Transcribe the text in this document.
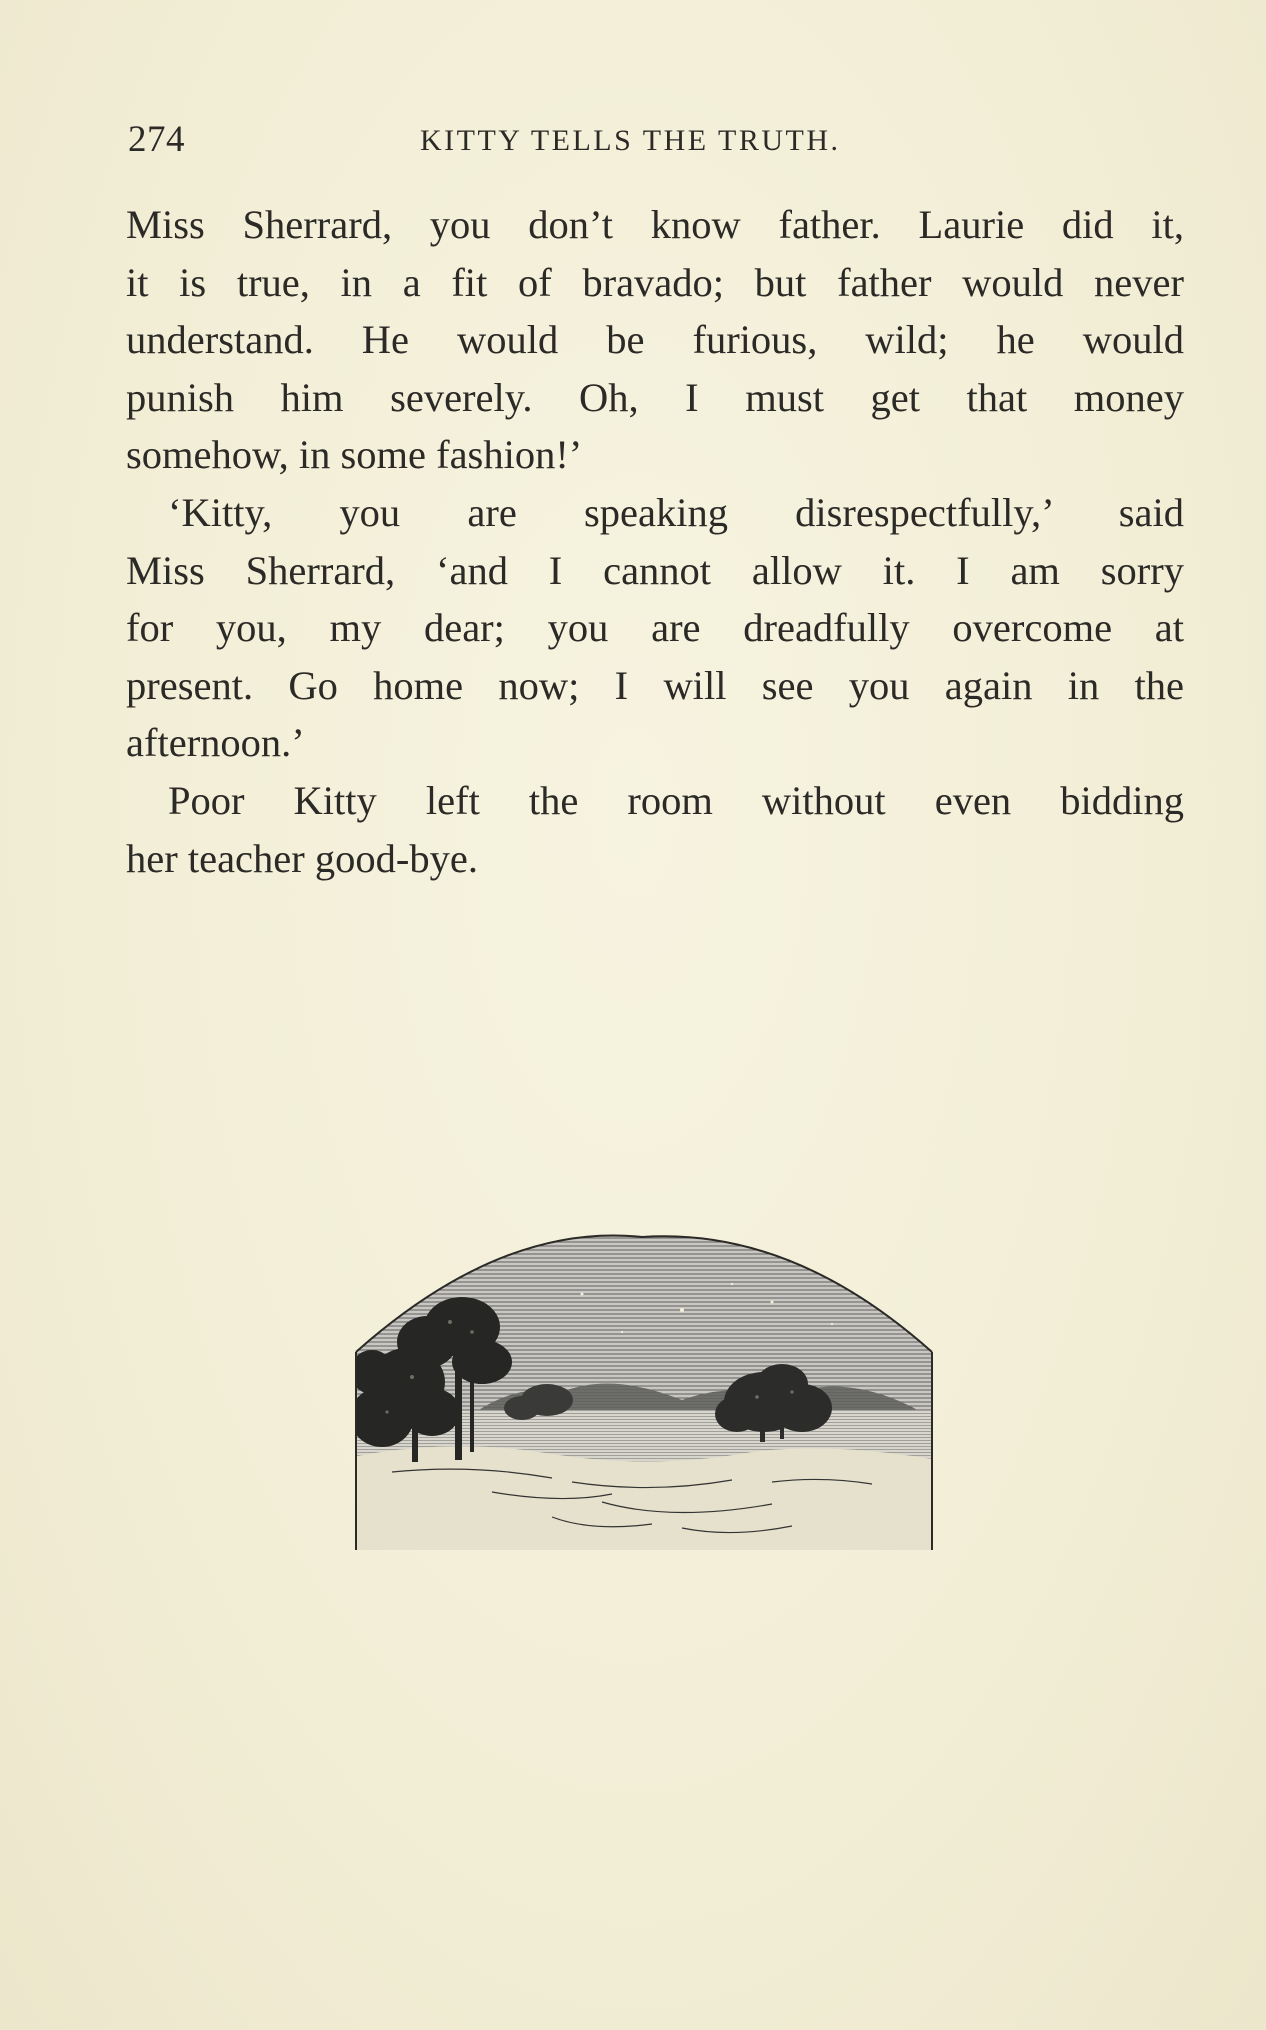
274	KITTY TELLS THE TRUTH.

Miss Sherrard, you don’t know father. Laurie did it,
it is true, in a fit of bravado; but father would never
understand. He would be furious, wild; he would
punish him severely. Oh, I must get that money
somehow, in some fashion!’

‘Kitty, you are speaking disrespectfully,’ said
Miss Sherrard, ‘and I cannot allow it. I am sorry
for you, my dear; you are dreadfully overcome at
present. Go home now; I will see you again in the
afternoon.’

Poor Kitty left the room without even bidding
her teacher good-bye.
